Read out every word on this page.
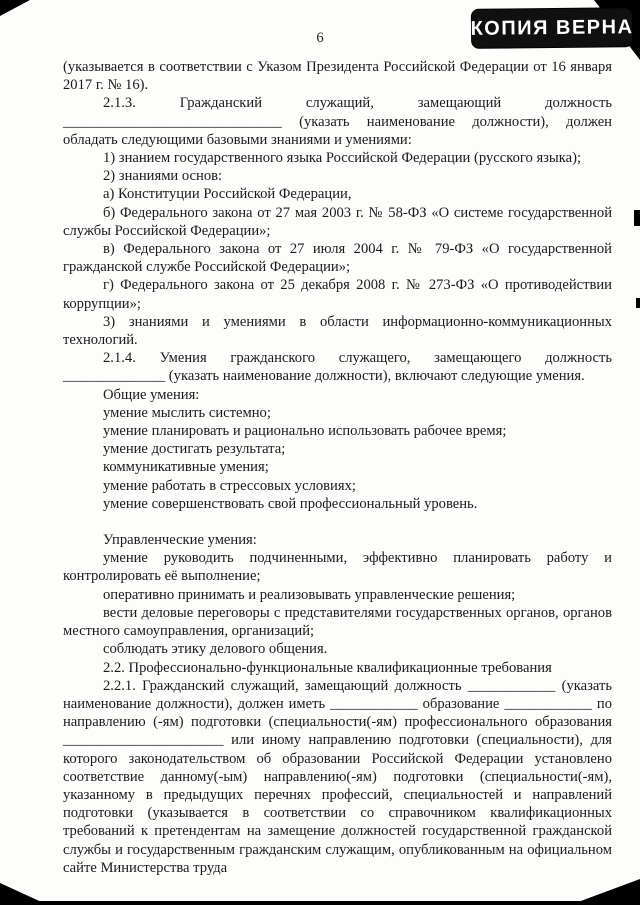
КОПИЯ ВЕРНА
6

(указывается в соответствии с Указом Президента Российской Федерации от 16 января 2017 г. № 16).

2.1.3. Гражданский служащий, замещающий должность ______________________________ (указать наименование должности), должен обладать следующими базовыми знаниями и умениями:

1) знанием государственного языка Российской Федерации (русского языка);

2) знаниями основ:

а) Конституции Российской Федерации,

б) Федерального закона от 27 мая 2003 г. № 58-ФЗ «О системе государственной службы Российской Федерации»;

в) Федерального закона от 27 июля 2004 г. № 79-ФЗ «О государственной гражданской службе Российской Федерации»;

г) Федерального закона от 25 декабря 2008 г. № 273-ФЗ «О противодействии коррупции»;

3) знаниями и умениями в области информационно-коммуникационных технологий.

2.1.4. Умения гражданского служащего, замещающего должность ______________ (указать наименование должности), включают следующие умения.

Общие умения:

умение мыслить системно;

умение планировать и рационально использовать рабочее время;

умение достигать результата;

коммуникативные умения;

умение работать в стрессовых условиях;

умение совершенствовать свой профессиональный уровень.

Управленческие умения:

умение руководить подчиненными, эффективно планировать работу и контролировать её выполнение;

оперативно принимать и реализовывать управленческие решения;

вести деловые переговоры с представителями государственных органов, органов местного самоуправления, организаций;

соблюдать этику делового общения.

2.2. Профессионально-функциональные квалификационные требования

2.2.1. Гражданский служащий, замещающий должность ____________ (указать наименование должности), должен иметь ____________ образование ____________ по направлению (-ям) подготовки (специальности(-ям) профессионального образования ______________________ или иному направлению подготовки (специальности), для которого законодательством об образовании Российской Федерации установлено соответствие данному(-ым) направлению(-ям) подготовки (специальности(-ям), указанному в предыдущих перечнях профессий, специальностей и направлений подготовки (указывается в соответствии со справочником квалификационных требований к претендентам на замещение должностей государственной гражданской службы и государственным гражданским служащим, опубликованным на официальном сайте Министерства труда
